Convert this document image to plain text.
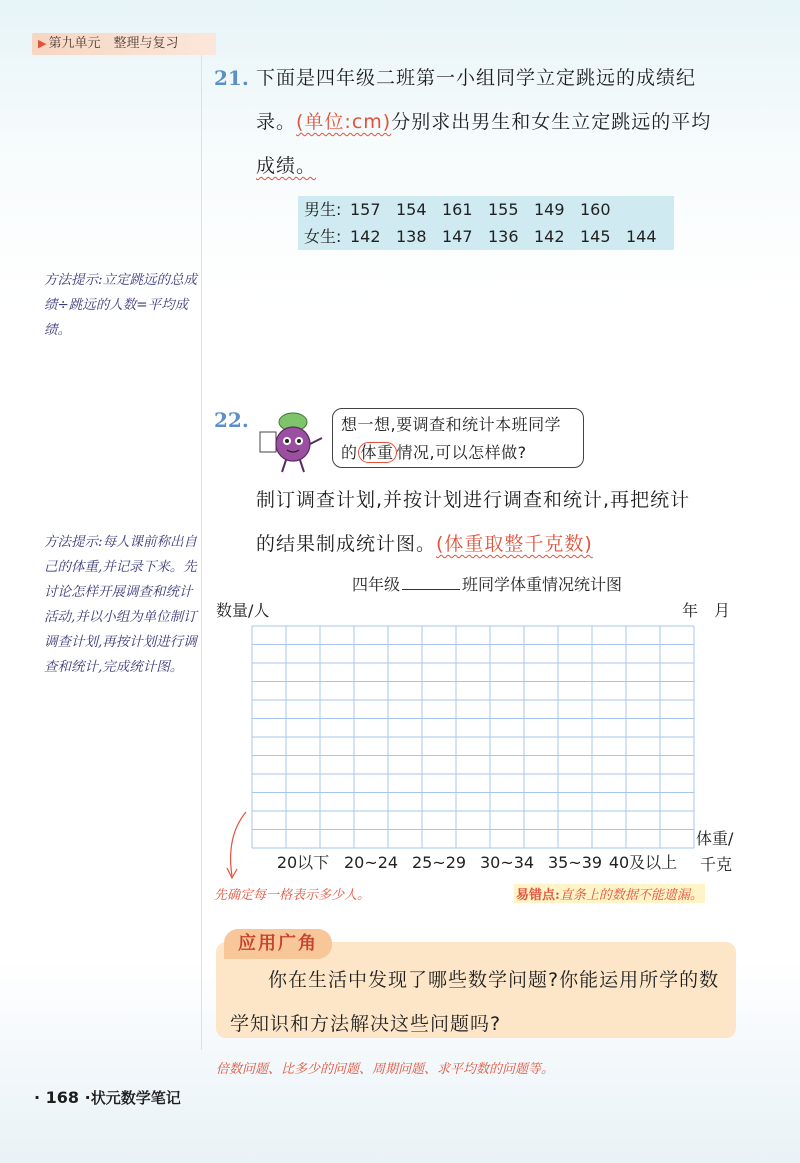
▶ 第九单元　整理与复习
21. 下面是四年级二班第一小组同学立定跳远的成绩纪
录。(单位:cm)分别求出男生和女生立定跳远的平均
成绩。
男生: 157 154 161 155 149 160
女生: 142 138 147 136 142 145 144
方法提示:立定跳远的总成绩÷跳远的人数=平均成绩。
22.	想一想,要调查和统计本班同学
的 体重 情况,可以怎样做?
制订调查计划,并按计划进行调查和统计,再把统计
的结果制成统计图。(体重取整千克数)
方法提示:每人课前称出自己的体重,并记录下来。先讨论怎样开展调查和统计活动,并以小组为单位制订调查计划,再按计划进行调查和统计,完成统计图。
四年级	班同学体重情况统计图
数量/人	年　月
体重/
千克
20以下 20~24 25~29 30~34 35~39 40及以上
先确定每一格表示多少人。	易错点:直条上的数据不能遗漏。
应用广角
你在生活中发现了哪些数学问题?你能运用所学的数学知识和方法解决这些问题吗?
倍数问题、比多少的问题、周期问题、求平均数的问题等。
· 168 ·状元数学笔记
